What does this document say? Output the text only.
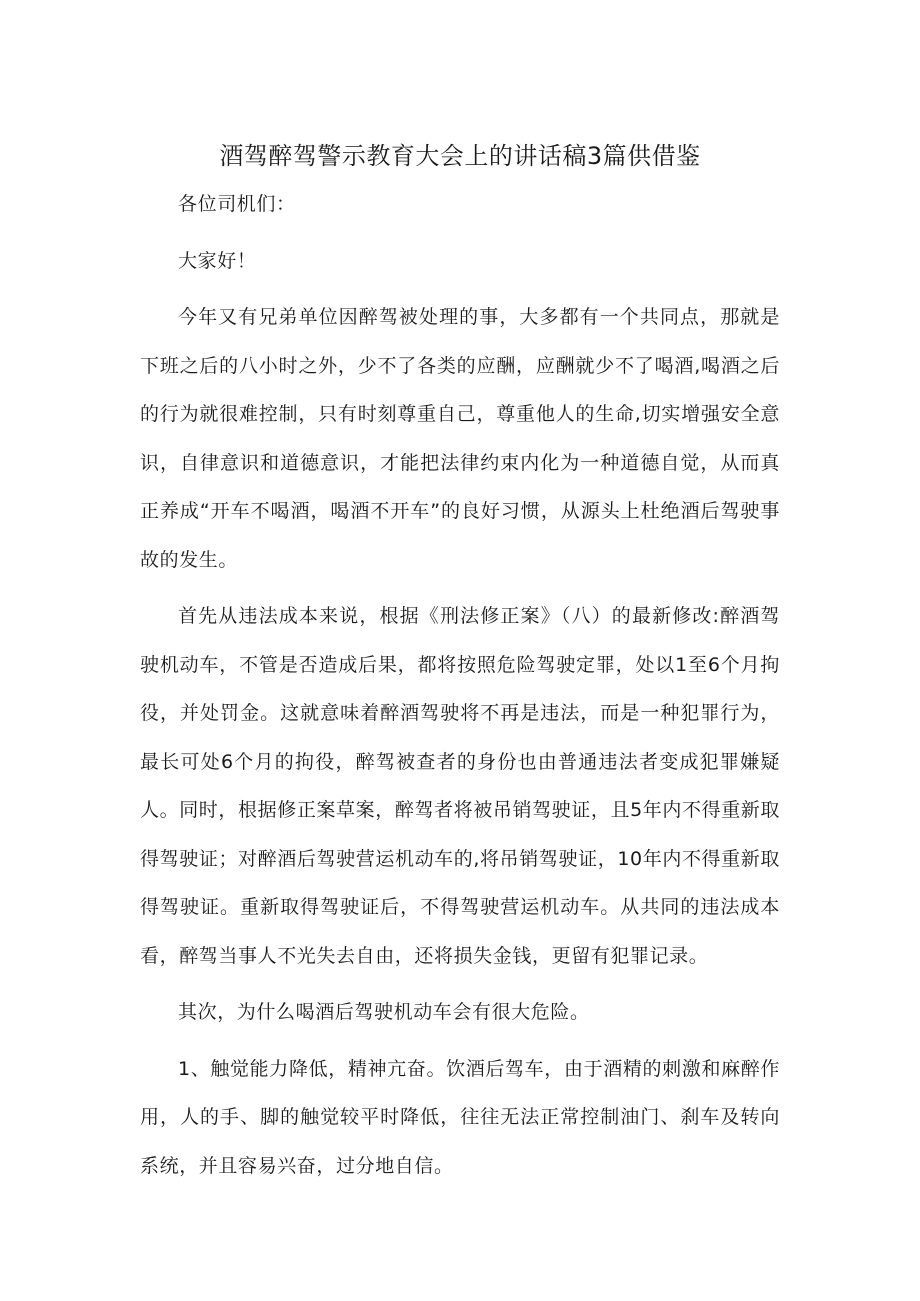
酒驾醉驾警示教育大会上的讲话稿3篇供借鉴

各位司机们：

大家好！

今年又有兄弟单位因醉驾被处理的事，大多都有一个共同点，那就是下班之后的八小时之外，少不了各类的应酬，应酬就少不了喝酒,喝酒之后的行为就很难控制，只有时刻尊重自己，尊重他人的生命,切实增强安全意识，自律意识和道德意识，才能把法律约束内化为一种道德自觉，从而真正养成“开车不喝酒，喝酒不开车”的良好习惯，从源头上杜绝酒后驾驶事故的发生。

首先从违法成本来说，根据《刑法修正案》（八）的最新修改:醉酒驾驶机动车，不管是否造成后果，都将按照危险驾驶定罪，处以1至6个月拘役，并处罚金。这就意味着醉酒驾驶将不再是违法，而是一种犯罪行为，最长可处6个月的拘役，醉驾被查者的身份也由普通违法者变成犯罪嫌疑人。同时，根据修正案草案，醉驾者将被吊销驾驶证，且5年内不得重新取得驾驶证；对醉酒后驾驶营运机动车的,将吊销驾驶证，10年内不得重新取得驾驶证。重新取得驾驶证后，不得驾驶营运机动车。从共同的违法成本看，醉驾当事人不光失去自由，还将损失金钱，更留有犯罪记录。

其次，为什么喝酒后驾驶机动车会有很大危险。

1、触觉能力降低，精神亢奋。饮酒后驾车，由于酒精的刺激和麻醉作用，人的手、脚的触觉较平时降低，往往无法正常控制油门、刹车及转向系统，并且容易兴奋，过分地自信。
